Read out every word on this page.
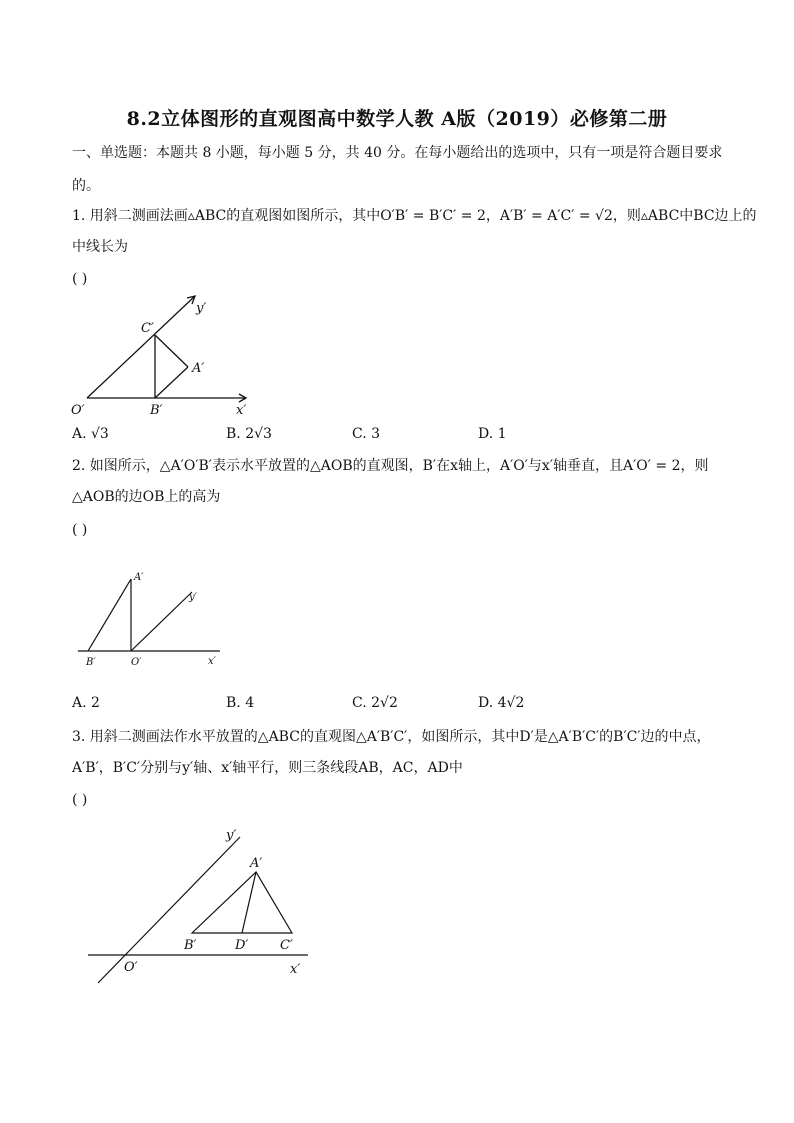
8.2立体图形的直观图高中数学人教 A版（2019）必修第二册
一、单选题：本题共 8 小题，每小题 5 分，共 40 分。在每小题给出的选项中，只有一项是符合题目要求
的。
1. 用斜二测画法画▵ABC的直观图如图所示，其中O′B′ = B′C′ = 2，A′B′ = A′C′ = √2，则▵ABC中BC边上的
中线长为
( )
y′
C′
A′
O′	B′	x′
A. √3	B. 2√3	C. 3	D. 1
2. 如图所示，△A′O′B′表示水平放置的△AOB的直观图，B′在x轴上，A′O′与x′轴垂直，且A′O′ = 2，则
△AOB的边OB上的高为
( )
A′
y′
B′	O′	x′
A. 2	B. 4	C. 2√2	D. 4√2
3. 用斜二测画法作水平放置的△ABC的直观图△A′B′C′，如图所示，其中D′是△A′B′C′的B′C′边的中点，
A′B′，B′C′分别与y′轴、x′轴平行，则三条线段AB，AC，AD中
( )
y′
A′
B′	D′ C′
O′	x′
